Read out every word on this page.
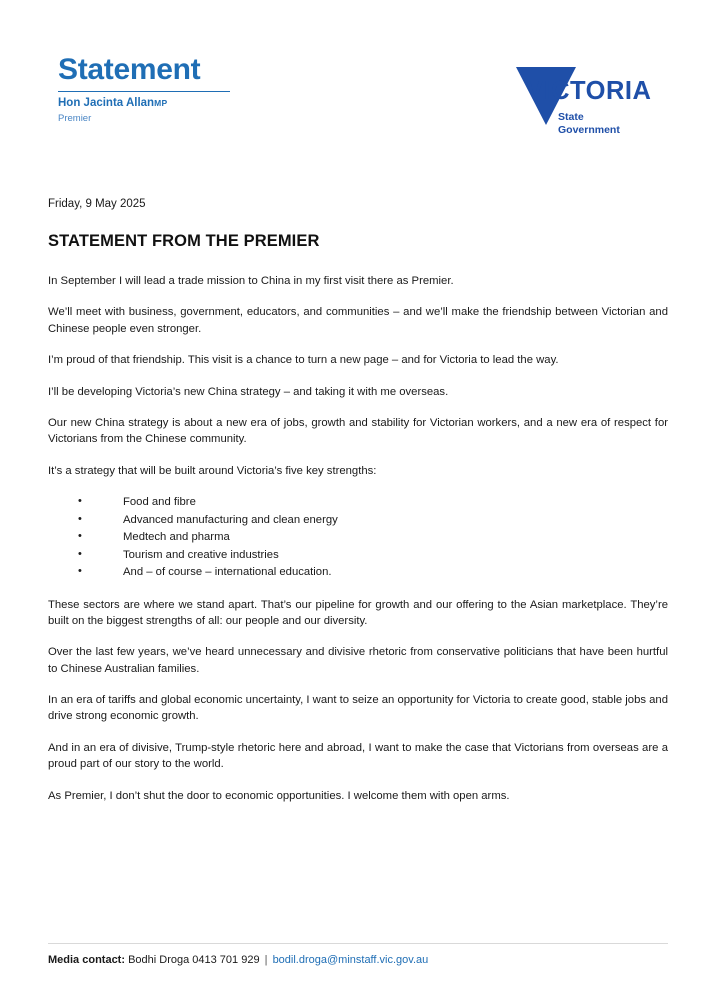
Statement
Hon Jacinta AllanMP
Premier
VICTORIA
State
Government
Friday, 9 May 2025
STATEMENT FROM THE PREMIER

In September I will lead a trade mission to China in my first visit there as Premier.

We’ll meet with business, government, educators, and communities – and we’ll make the friendship between Victorian and Chinese people even stronger.

I’m proud of that friendship. This visit is a chance to turn a new page – and for Victoria to lead the way.

I’ll be developing Victoria’s new China strategy – and taking it with me overseas.

Our new China strategy is about a new era of jobs, growth and stability for Victorian workers, and a new era of respect for Victorians from the Chinese community.

It’s a strategy that will be built around Victoria’s five key strengths:

• Food and fibre
• Advanced manufacturing and clean energy
• Medtech and pharma
• Tourism and creative industries
• And – of course – international education.

These sectors are where we stand apart. That’s our pipeline for growth and our offering to the Asian marketplace. They’re built on the biggest strengths of all: our people and our diversity.

Over the last few years, we’ve heard unnecessary and divisive rhetoric from conservative politicians that have been hurtful to Chinese Australian families.

In an era of tariffs and global economic uncertainty, I want to seize an opportunity for Victoria to create good, stable jobs and drive strong economic growth.

And in an era of divisive, Trump-style rhetoric here and abroad, I want to make the case that Victorians from overseas are a proud part of our story to the world.

As Premier, I don’t shut the door to economic opportunities. I welcome them with open arms.

Media contact: Bodhi Droga 0413 701 929 | bodil.droga@minstaff.vic.gov.au
